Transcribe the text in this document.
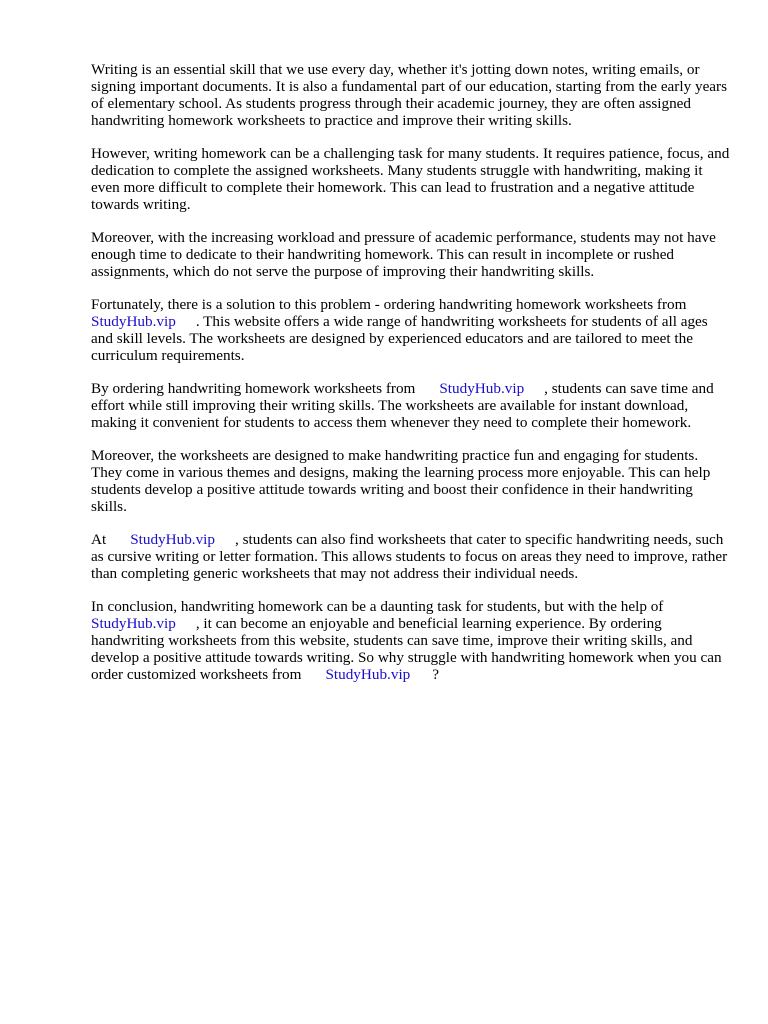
Writing is an essential skill that we use every day, whether it's jotting down notes, writing emails, or signing important documents. It is also a fundamental part of our education, starting from the early years of elementary school. As students progress through their academic journey, they are often assigned handwriting homework worksheets to practice and improve their writing skills.

However, writing homework can be a challenging task for many students. It requires patience, focus, and dedication to complete the assigned worksheets. Many students struggle with handwriting, making it even more difficult to complete their homework. This can lead to frustration and a negative attitude towards writing.

Moreover, with the increasing workload and pressure of academic performance, students may not have enough time to dedicate to their handwriting homework. This can result in incomplete or rushed assignments, which do not serve the purpose of improving their handwriting skills.

Fortunately, there is a solution to this problem - ordering handwriting homework worksheets from
StudyHub.vip . This website offers a wide range of handwriting worksheets for students of all ages and skill levels. The worksheets are designed by experienced educators and are tailored to meet the curriculum requirements.

By ordering handwriting homework worksheets from StudyHub.vip , students can save time and effort while still improving their writing skills. The worksheets are available for instant download, making it convenient for students to access them whenever they need to complete their homework.

Moreover, the worksheets are designed to make handwriting practice fun and engaging for students. They come in various themes and designs, making the learning process more enjoyable. This can help students develop a positive attitude towards writing and boost their confidence in their handwriting skills.

At StudyHub.vip , students can also find worksheets that cater to specific handwriting needs, such as cursive writing or letter formation. This allows students to focus on areas they need to improve, rather than completing generic worksheets that may not address their individual needs.

In conclusion, handwriting homework can be a daunting task for students, but with the help of
StudyHub.vip , it can become an enjoyable and beneficial learning experience. By ordering handwriting worksheets from this website, students can save time, improve their writing skills, and develop a positive attitude towards writing. So why struggle with handwriting homework when you can order customized worksheets from StudyHub.vip ?
